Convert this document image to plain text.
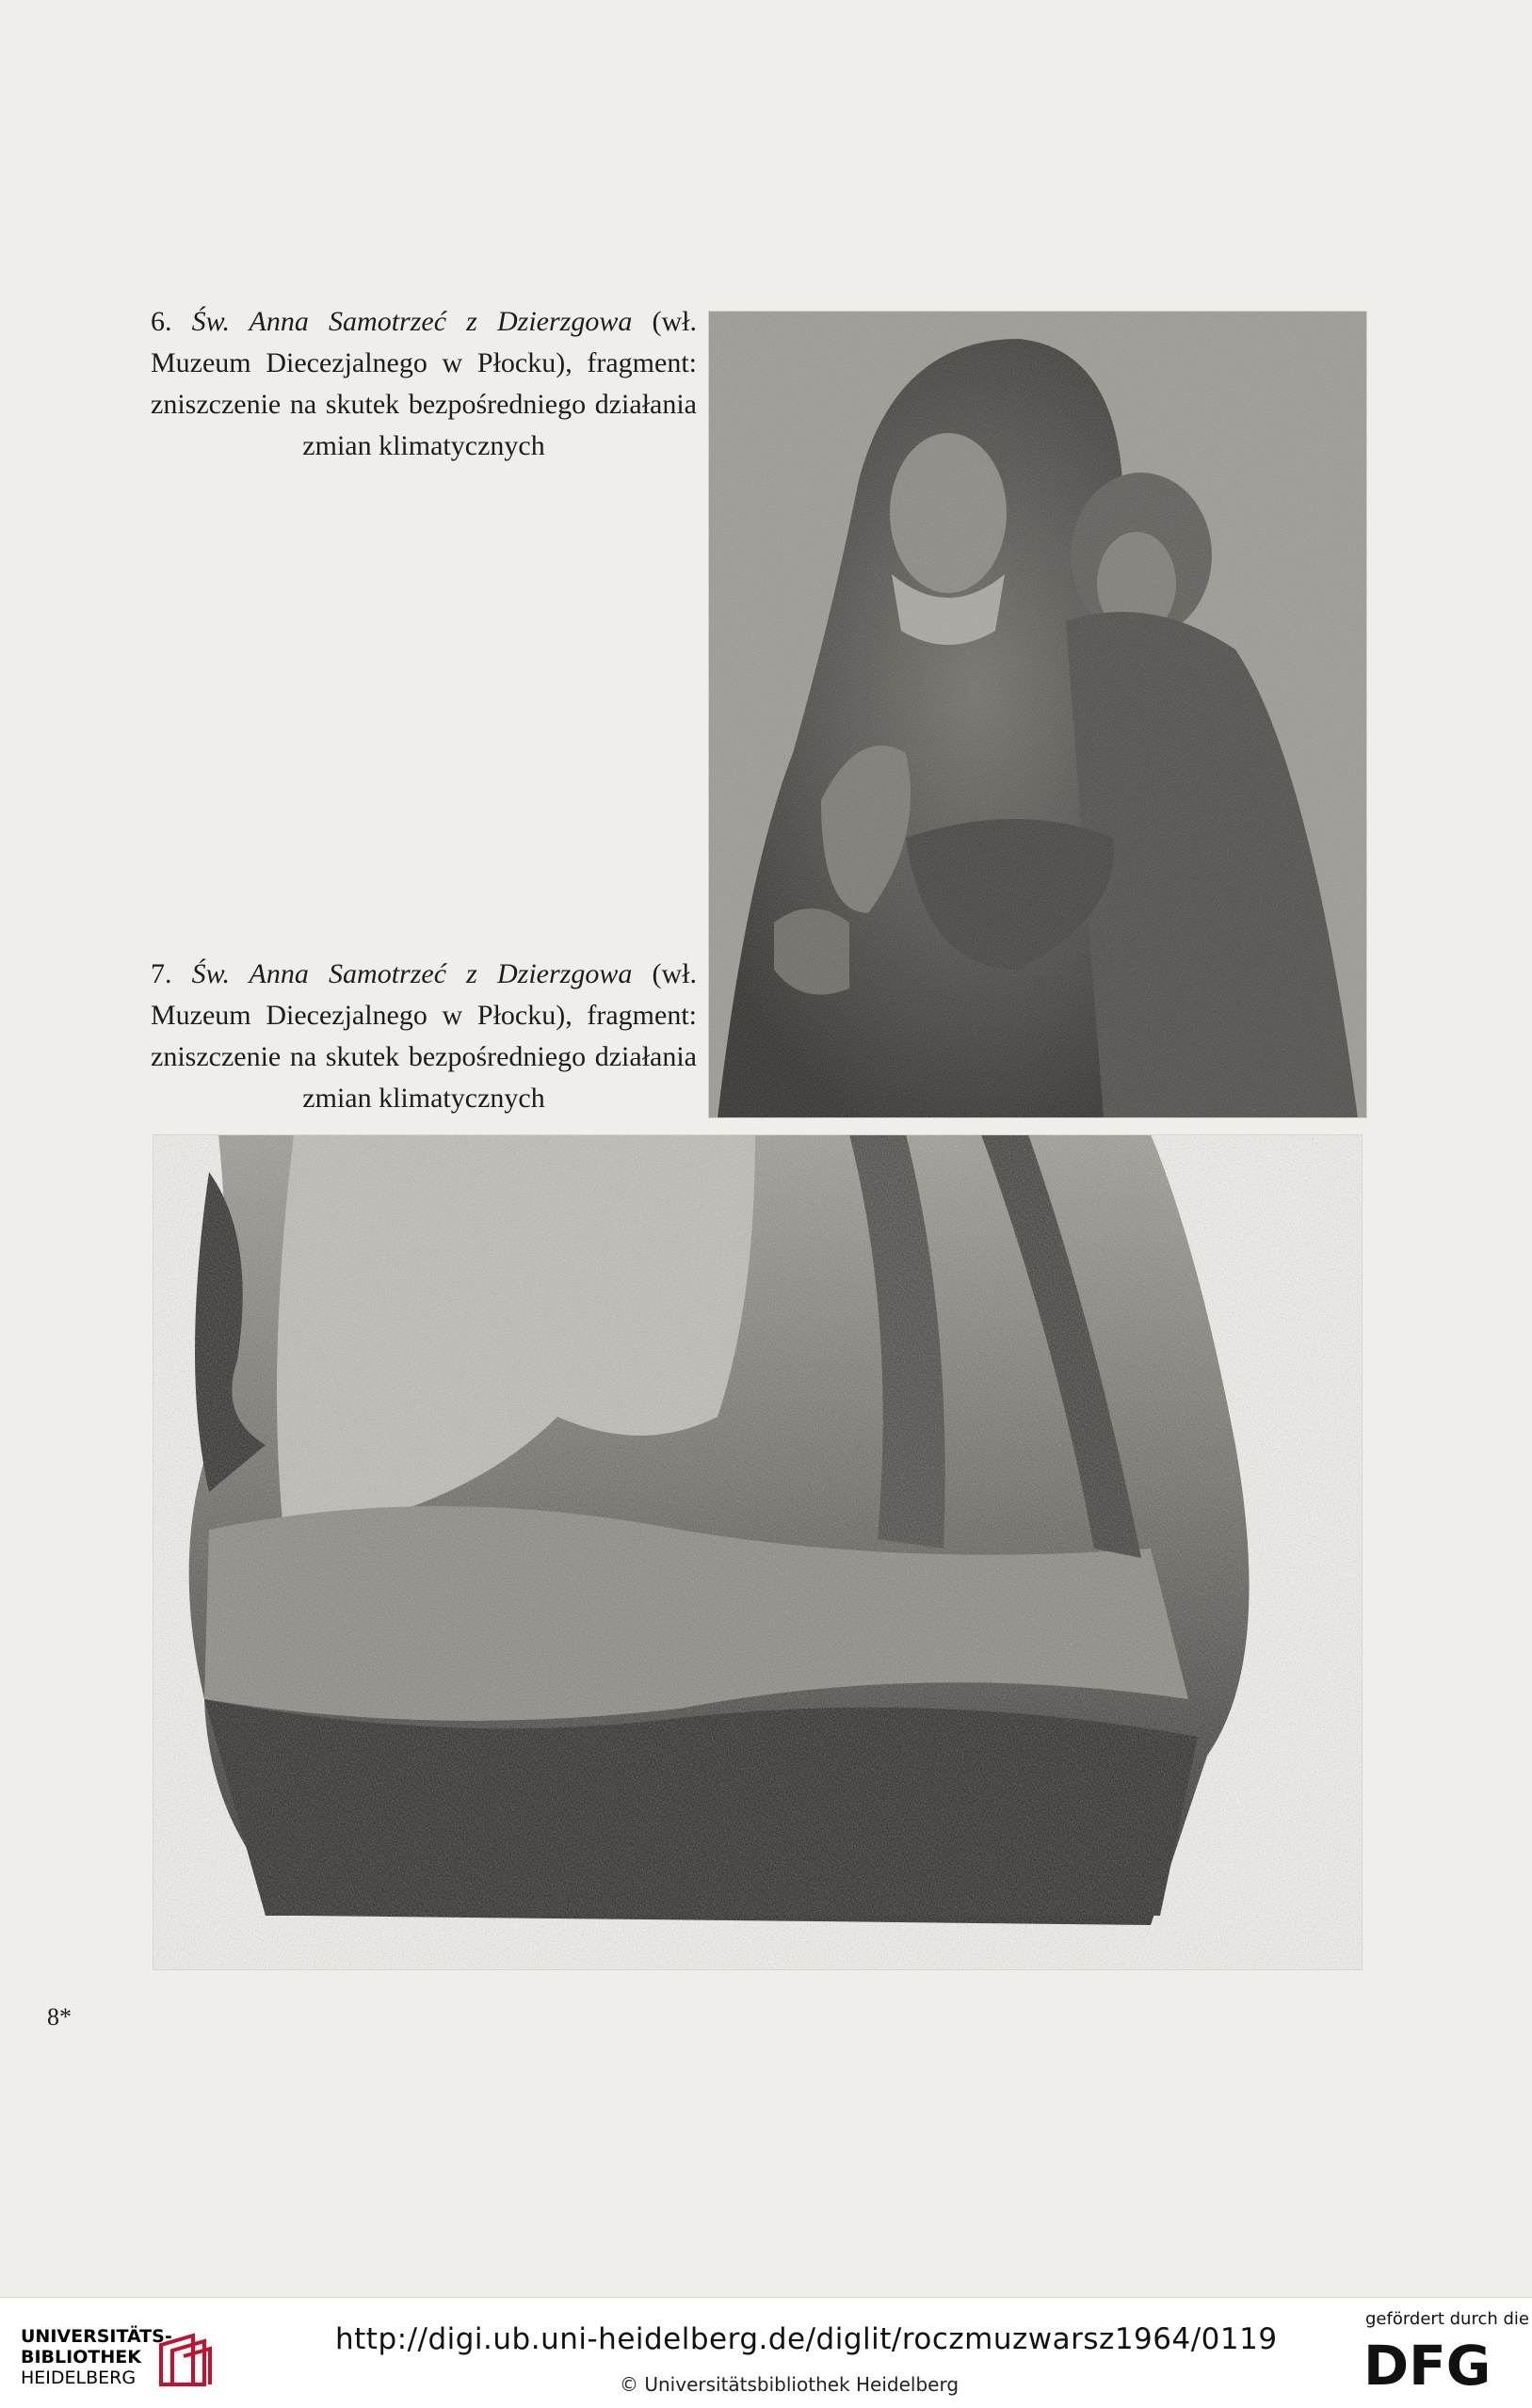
6. Św. Anna Samotrzeć z Dzierzgowa (wł. Muzeum Diecezjalnego w Płocku), fragment: zniszczenie na skutek bezpośredniego działania zmian klimatycznych
7. Św. Anna Samotrzeć z Dzierzgowa (wł. Muzeum Diecezjalnego w Płocku), fragment: zniszczenie na skutek bezpośredniego działania zmian klimatycznych
8*
UNIVERSITÄTS-
BIBLIOTHEK
HEIDELBERG
http://digi.ub.uni-heidelberg.de/diglit/roczmuzwarsz1964/0119
© Universitätsbibliothek Heidelberg
gefördert durch die
DFG
